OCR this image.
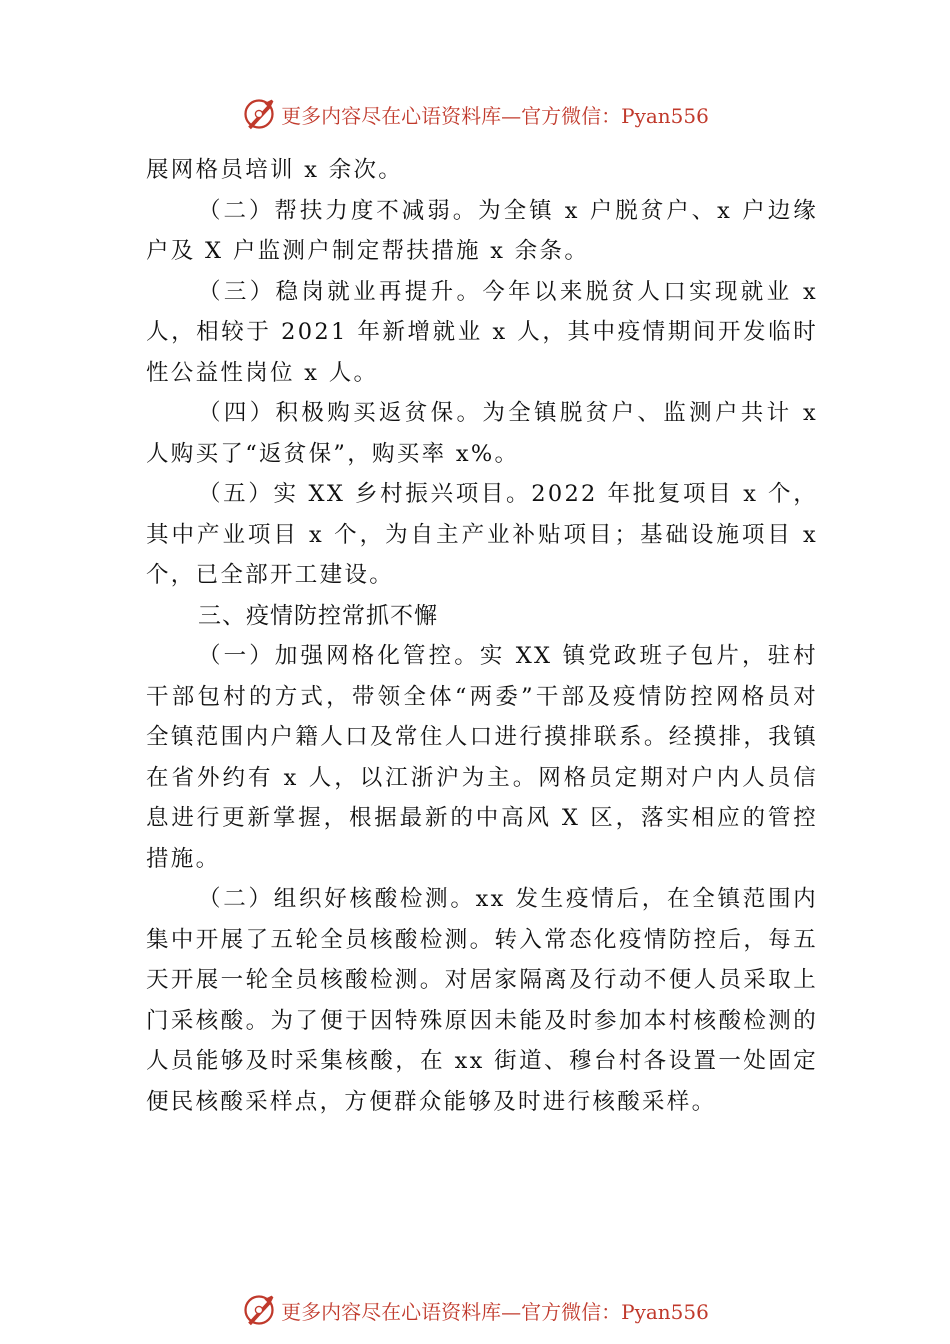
更多内容尽在心语资料库—官方微信：Pyan556

展网格员培训 x 余次。

（二）帮扶力度不减弱。为全镇 x 户脱贫户、x 户边缘户及 X 户监测户制定帮扶措施 x 余条。

（三）稳岗就业再提升。今年以来脱贫人口实现就业 x 人，相较于 2021 年新增就业 x 人，其中疫情期间开发临时性公益性岗位 x 人。

（四）积极购买返贫保。为全镇脱贫户、监测户共计 x 人购买了“返贫保”，购买率 x%。

（五）实 XX 乡村振兴项目。2022 年批复项目 x 个，其中产业项目 x 个，为自主产业补贴项目；基础设施项目 x 个，已全部开工建设。

三、疫情防控常抓不懈

（一）加强网格化管控。实 XX 镇党政班子包片，驻村干部包村的方式，带领全体“两委”干部及疫情防控网格员对全镇范围内户籍人口及常住人口进行摸排联系。经摸排，我镇在省外约有 x 人，以江浙沪为主。网格员定期对户内人员信息进行更新掌握，根据最新的中高风 X 区，落实相应的管控措施。

（二）组织好核酸检测。xx 发生疫情后，在全镇范围内集中开展了五轮全员核酸检测。转入常态化疫情防控后，每五天开展一轮全员核酸检测。对居家隔离及行动不便人员采取上门采核酸。为了便于因特殊原因未能及时参加本村核酸检测的人员能够及时采集核酸，在 xx 街道、穆台村各设置一处固定便民核酸采样点，方便群众能够及时进行核酸采样。

更多内容尽在心语资料库—官方微信：Pyan556
